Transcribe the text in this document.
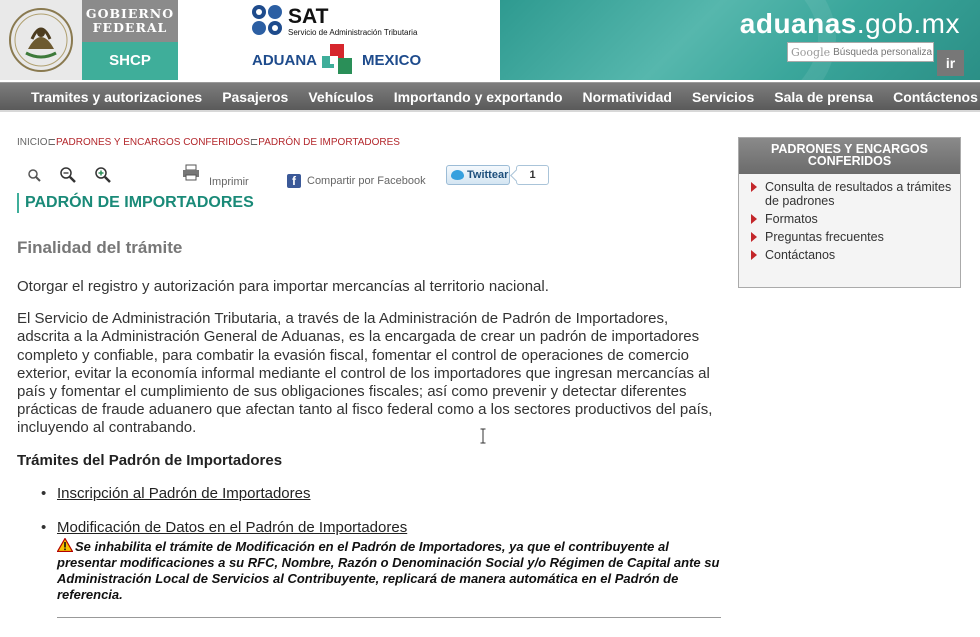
GOBIERNO FEDERAL
SHCP
SAT
Servicio de Administración Tributaria
ADUANA	MEXICO
aduanas.gob.mx
Google
Búsqueda personaliza
ir
Tramites y autorizaciones Pasajeros Vehículos Importando y exportando Normatividad Servicios Sala de prensa Contáctenos
INICIO⊏PADRONES Y ENCARGOS CONFERIDOS⊏PADRÓN DE IMPORTADORES
Imprimir	f	Compartir por Facebook	Twittear	1
PADRÓN DE IMPORTADORES
Finalidad del trámite

Otorgar el registro y autorización para importar mercancías al territorio nacional.

El Servicio de Administración Tributaria, a través de la Administración de Padrón de Importadores, adscrita a la Administración General de Aduanas, es la encargada de crear un padrón de importadores completo y confiable, para combatir la evasión fiscal, fomentar el control de operaciones de comercio exterior, evitar la economía informal mediante el control de los importadores que ingresan mercancías al país y fomentar el cumplimiento de sus obligaciones fiscales; así como prevenir y detectar diferentes prácticas de fraude aduanero que afectan tanto al fisco federal como a los sectores productivos del país, incluyendo al contrabando.

Trámites del Padrón de Importadores
• Inscripción al Padrón de Importadores
• Modificación de Datos en el Padrón de Importadores
Se inhabilita el trámite de Modificación en el Padrón de Importadores, ya que el contribuyente al presentar modificaciones a su RFC, Nombre, Razón o Denominación Social y/o Régimen de Capital ante su Administración Local de Servicios al Contribuyente, replicará de manera automática en el Padrón de referencia.
PADRONES Y ENCARGOS CONFERIDOS
Consulta de resultados a trámites de padrones
Formatos
Preguntas frecuentes
Contáctanos
